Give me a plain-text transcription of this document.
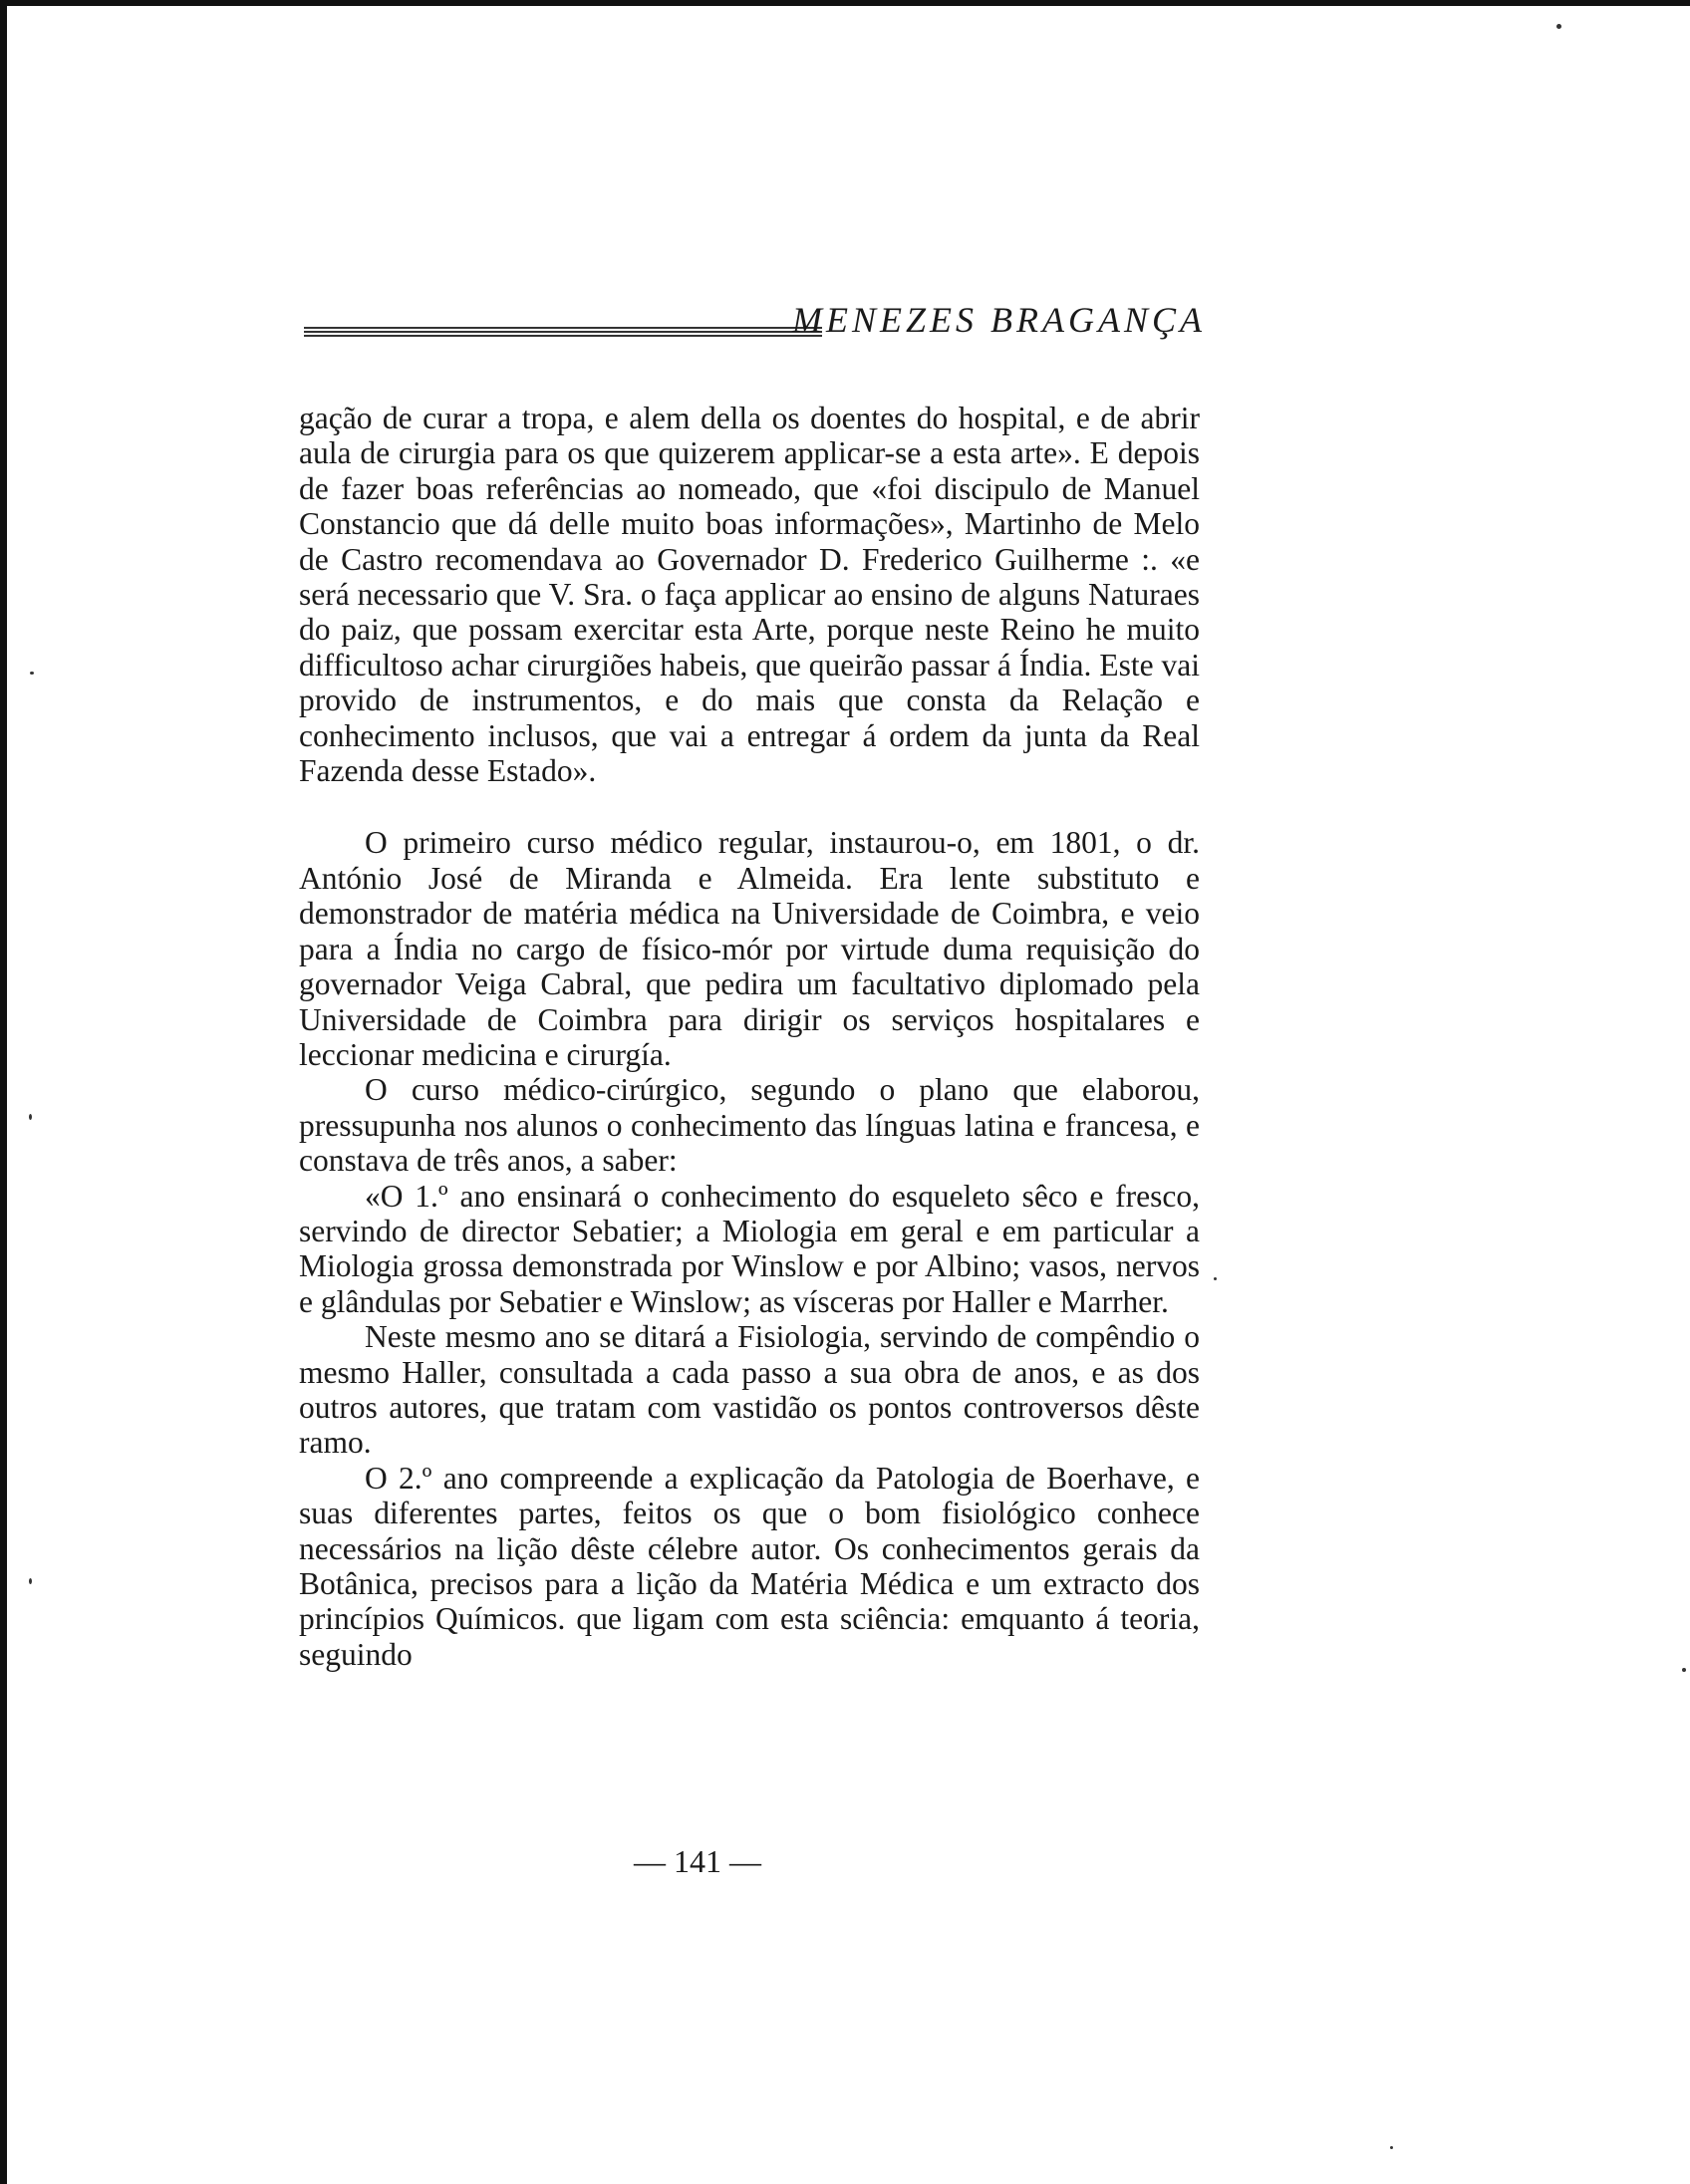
MENEZES BRAGANÇA

gação de curar a tropa, e alem della os doentes do hospital, e de abrir aula de cirurgia para os que quizerem applicar-se a esta arte». E depois de fazer boas referências ao nomeado, que «foi discipulo de Manuel Constancio que dá delle muito boas informações», Martinho de Melo de Castro recomendava ao Governador D. Frederico Guilherme :. «e será necessario que V. Sra. o faça applicar ao ensino de alguns Naturaes do paiz, que possam exercitar esta Arte, porque neste Reino he muito difficultoso achar cirurgiões habeis, que queirão passar á Índia. Este vai provido de instrumentos, e do mais que consta da Relação e conhecimento inclusos, que vai a entregar á ordem da junta da Real Fazenda desse Estado».

O primeiro curso médico regular, instaurou-o, em 1801, o dr. António José de Miranda e Almeida. Era lente substituto e demonstrador de matéria médica na Universidade de Coimbra, e veio para a Índia no cargo de físico-mór por virtude duma requisição do governador Veiga Cabral, que pedira um facultativo diplomado pela Universidade de Coimbra para dirigir os serviços hospitalares e leccionar medicina e cirurgía.

O curso médico-cirúrgico, segundo o plano que elaborou, pressupunha nos alunos o conhecimento das línguas latina e francesa, e constava de três anos, a saber:

«O 1.º ano ensinará o conhecimento do esqueleto sêco e fresco, servindo de director Sebatier; a Miologia em geral e em particular a Miologia grossa demonstrada por Winslow e por Albino; vasos, nervos e glândulas por Sebatier e Winslow; as vísceras por Haller e Marrher.

Neste mesmo ano se ditará a Fisiologia, servindo de compêndio o mesmo Haller, consultada a cada passo a sua obra de anos, e as dos outros autores, que tratam com vastidão os pontos controversos dêste ramo.

O 2.º ano compreende a explicação da Patologia de Boerhave, e suas diferentes partes, feitos os que o bom fisiológico conhece necessários na lição dêste célebre autor. Os conhecimentos gerais da Botânica, precisos para a lição da Matéria Médica e um extracto dos princípios Químicos. que ligam com esta sciência: emquanto á teoria, seguindo

— 141 —
